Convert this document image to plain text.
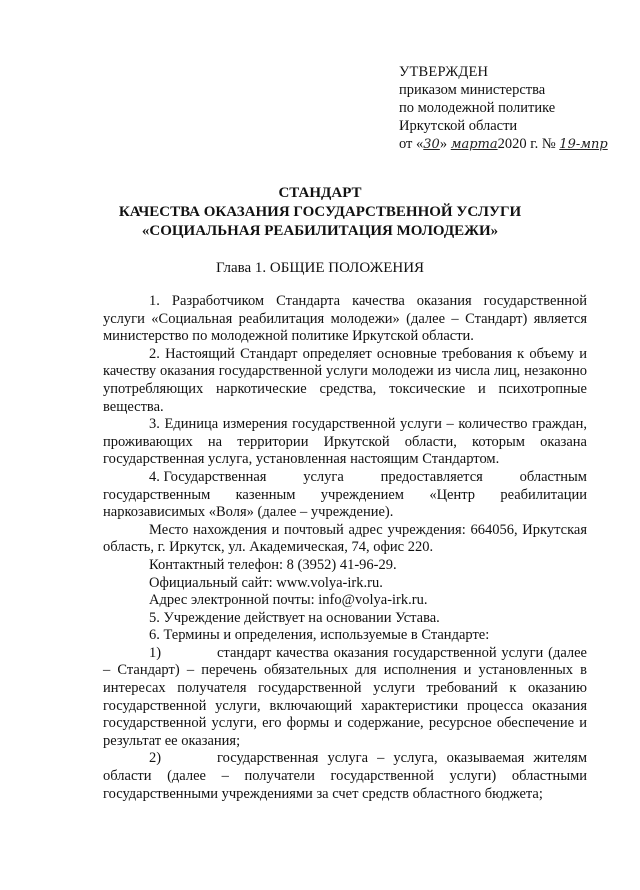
УТВЕРЖДЕН
приказом министерства
по молодежной политике
Иркутской области
от «30» марта2020 г. № 19-мпр
СТАНДАРТ
КАЧЕСТВА ОКАЗАНИЯ ГОСУДАРСТВЕННОЙ УСЛУГИ
«СОЦИАЛЬНАЯ РЕАБИЛИТАЦИЯ МОЛОДЕЖИ»
Глава 1. ОБЩИЕ ПОЛОЖЕНИЯ

1. Разработчиком Стандарта качества оказания государственной услуги «Социальная реабилитация молодежи» (далее – Стандарт) является министерство по молодежной политике Иркутской области.

2. Настоящий Стандарт определяет основные требования к объему и качеству оказания государственной услуги молодежи из числа лиц, незаконно употребляющих наркотические средства, токсические и психотропные вещества.

3. Единица измерения государственной услуги – количество граждан, проживающих на территории Иркутской области, которым оказана государственная услуга, установленная настоящим Стандартом.

4. Государственная	услуга	предоставляется	областным
государственным казенным учреждением «Центр реабилитации
наркозависимых «Воля» (далее – учреждение).

Место нахождения и почтовый адрес учреждения: 664056, Иркутская область, г. Иркутск, ул. Академическая, 74, офис 220.

Контактный телефон: 8 (3952) 41-96-29.

Официальный сайт: www.volya-irk.ru.

Адрес электронной почты: info@volya-irk.ru.

5. Учреждение действует на основании Устава.

6. Термины и определения, используемые в Стандарте:

1)	стандарт качества оказания государственной услуги (далее – Стандарт) – перечень обязательных для исполнения и установленных в интересах получателя государственной услуги требований к оказанию государственной услуги, включающий характеристики процесса оказания государственной услуги, его формы и содержание, ресурсное обеспечение и результат ее оказания;

2)	государственная услуга – услуга, оказываемая жителям области (далее – получатели государственной услуги) областными государственными учреждениями за счет средств областного бюджета;
